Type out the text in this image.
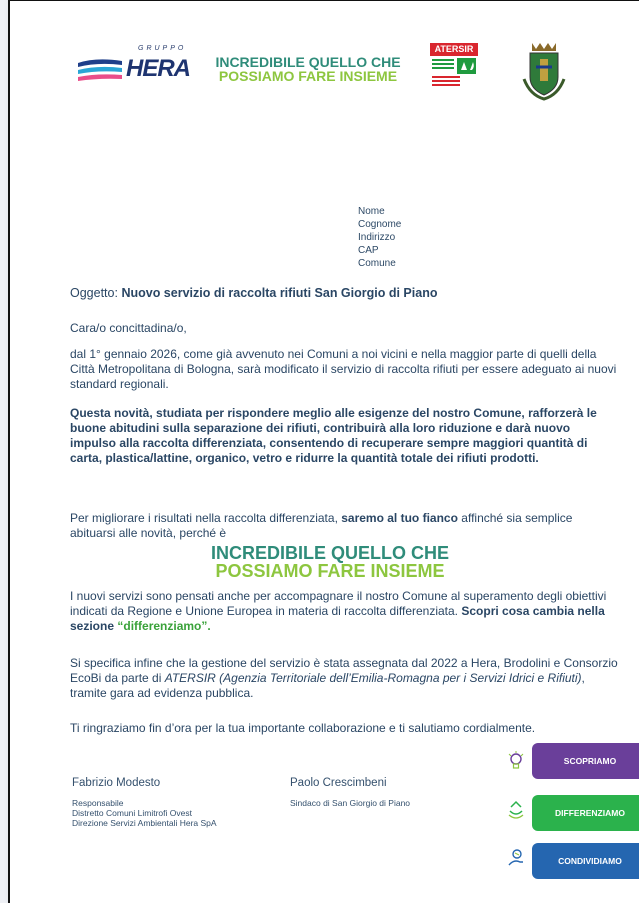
GRUPPO
HERA	INCREDIBILE QUELLO CHE
POSSIAMO FARE INSIEME
ATERSIR
Nome
Cognome
Indirizzo
CAP
Comune
Oggetto: Nuovo servizio di raccolta rifiuti San Giorgio di Piano
Cara/o concittadina/o,
dal 1° gennaio 2026, come già avvenuto nei Comuni a noi vicini e nella maggior parte di quelli della Città Metropolitana di Bologna, sarà modificato il servizio di raccolta rifiuti per essere adeguato ai nuovi standard regionali.
Questa novità, studiata per rispondere meglio alle esigenze del nostro Comune, rafforzerà le buone abitudini sulla separazione dei rifiuti, contribuirà alla loro riduzione e darà nuovo impulso alla raccolta differenziata, consentendo di recuperare sempre maggiori quantità di carta, plastica/lattine, organico, vetro e ridurre la quantità totale dei rifiuti prodotti.
Per migliorare i risultati nella raccolta differenziata, saremo al tuo fianco affinché sia semplice abituarsi alle novità, perché è
INCREDIBILE QUELLO CHE
POSSIAMO FARE INSIEME
I nuovi servizi sono pensati anche per accompagnare il nostro Comune al superamento degli obiettivi indicati da Regione e Unione Europea in materia di raccolta differenziata. Scopri cosa cambia nella sezione “differenziamo”.
Si specifica infine che la gestione del servizio è stata assegnata dal 2022 a Hera, Brodolini e Consorzio EcoBi da parte di ATERSIR (Agenzia Territoriale dell’Emilia-Romagna per i Servizi Idrici e Rifiuti), tramite gara ad evidenza pubblica.
Ti ringraziamo fin d’ora per la tua importante collaborazione e ti salutiamo cordialmente.
Fabrizio Modesto
Responsabile
Distretto Comuni Limitrofi Ovest
Direzione Servizi Ambientali Hera SpA
Paolo Crescimbeni
Sindaco di San Giorgio di Piano
SCOPRIAMO
DIFFERENZIAMO
CONDIVIDIAMO
